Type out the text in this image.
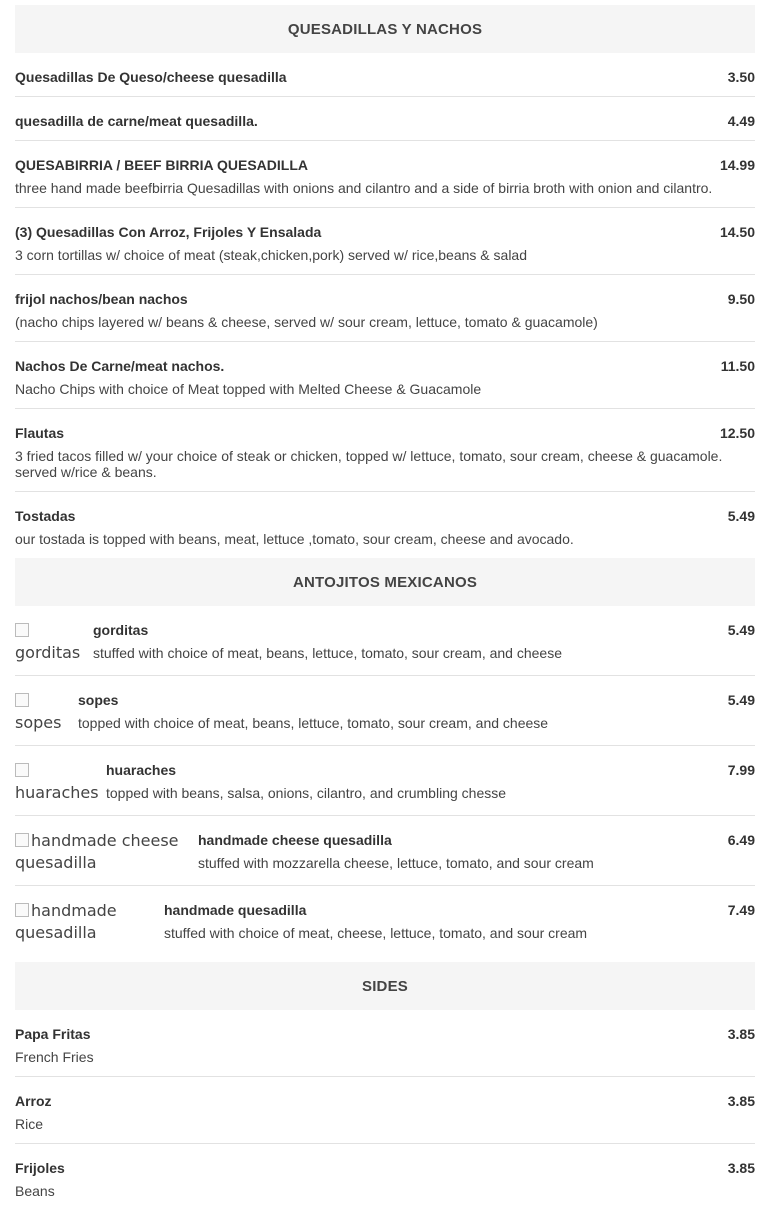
QUESADILLAS Y NACHOS
Quesadillas De Queso/cheese quesadilla	3.50
quesadilla de carne/meat quesadilla.	4.49
QUESABIRRIA / BEEF BIRRIA QUESADILLA	14.99
three hand made beefbirria Quesadillas with onions and cilantro and a side of birria broth with onion and cilantro.
(3) Quesadillas Con Arroz, Frijoles Y Ensalada	14.50
3 corn tortillas w/ choice of meat (steak,chicken,pork) served w/ rice,beans & salad
frijol nachos/bean nachos	9.50
(nacho chips layered w/ beans & cheese, served w/ sour cream, lettuce, tomato & guacamole)
Nachos De Carne/meat nachos.	11.50
Nacho Chips with choice of Meat topped with Melted Cheese & Guacamole
Flautas	12.50
3 fried tacos filled w/ your choice of steak or chicken, topped w/ lettuce, tomato, sour cream, cheese & guacamole. served w/rice & beans.
Tostadas	5.49
our tostada is topped with beans, meat, lettuce ,tomato, sour cream, cheese and avocado.
ANTOJITOS MEXICANOS
gorditas
gorditas	5.49
stuffed with choice of meat, beans, lettuce, tomato, sour cream, and cheese
sopes
sopes	5.49
topped with choice of meat, beans, lettuce, tomato, sour cream, and cheese
huaraches
huaraches	7.99
topped with beans, salsa, onions, cilantro, and crumbling chesse
handmade cheese quesadilla
handmade cheese quesadilla	6.49
stuffed with mozzarella cheese, lettuce, tomato, and sour cream
handmade quesadilla
handmade quesadilla	7.49
stuffed with choice of meat, cheese, lettuce, tomato, and sour cream
SIDES
Papa Fritas	3.85
French Fries
Arroz	3.85
Rice
Frijoles	3.85
Beans
